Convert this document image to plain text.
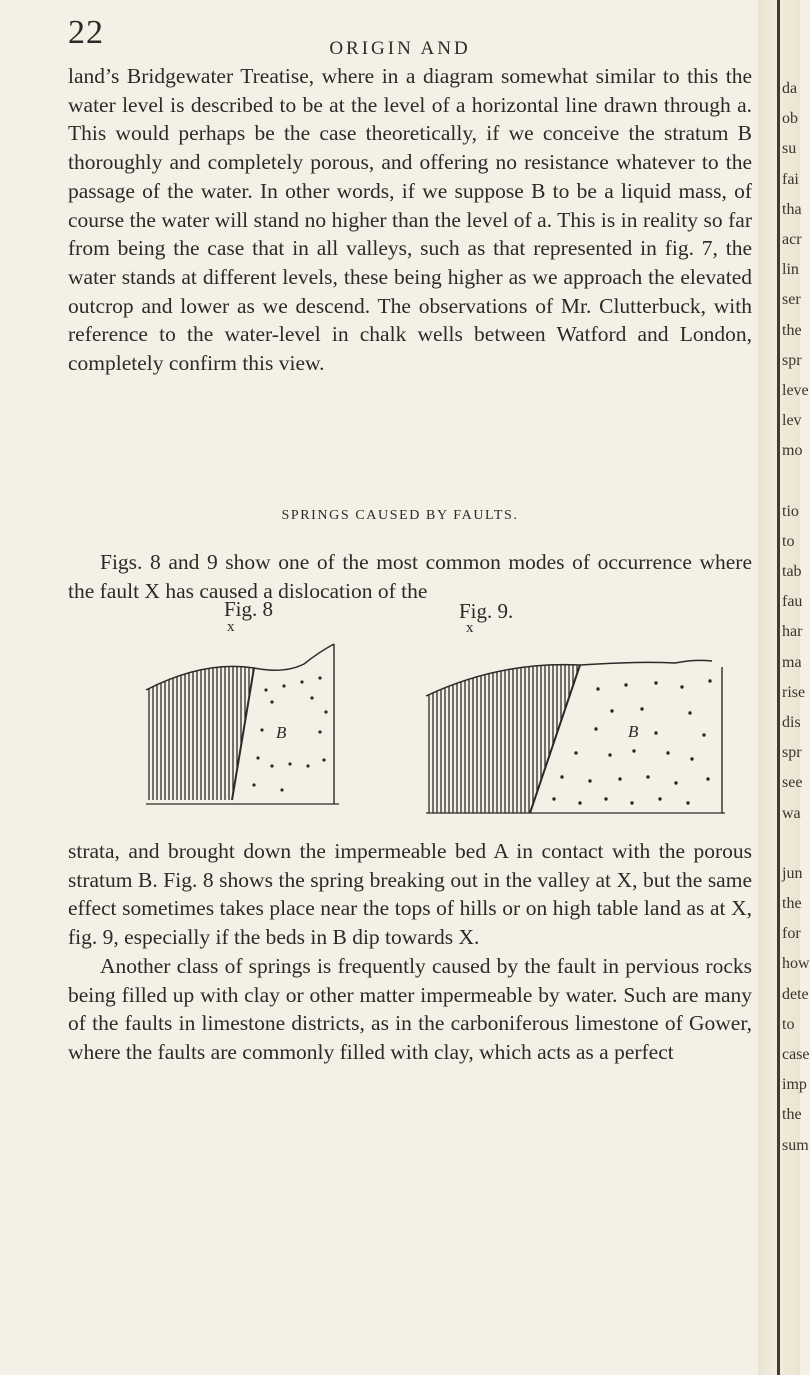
22	ORIGIN AND

land’s Bridgewater Treatise, where in a diagram somewhat similar to this the water level is described to be at the level of a horizontal line drawn through a. This would perhaps be the case theoretically, if we conceive the stratum B thoroughly and completely porous, and offering no resistance whatever to the passage of the water. In other words, if we suppose B to be a liquid mass, of course the water will stand no higher than the level of a. This is in reality so far from being the case that in all valleys, such as that represented in fig. 7, the water stands at different levels, these being higher as we approach the elevated outcrop and lower as we descend. The observations of Mr. Clutterbuck, with reference to the water-level in chalk wells between Watford and London, completely confirm this view.

SPRINGS CAUSED BY FAULTS.

Figs. 8 and 9 show one of the most common modes of occurrence where the fault X has caused a dislocation of the

Fig. 8
x
B
Fig. 9.
x
B

strata, and brought down the impermeable bed A in contact with the porous stratum B. Fig. 8 shows the spring breaking out in the valley at X, but the same effect sometimes takes place near the tops of hills or on high table land as at X, fig. 9, especially if the beds in B dip towards X.

Another class of springs is frequently caused by the fault in pervious rocks being filled up with clay or other matter impermeable by water. Such are many of the faults in limestone districts, as in the carboniferous limestone of Gower, where the faults are commonly filled with clay, which acts as a perfect

da
ob
su
fai
tha
acr
lin
ser
the
spr
leve
lev
mo
tio
to
tab
fau
har
ma
rise
dis
spr
see
wa
jun
the
for
how
dete
to
case
imp
the
sum
